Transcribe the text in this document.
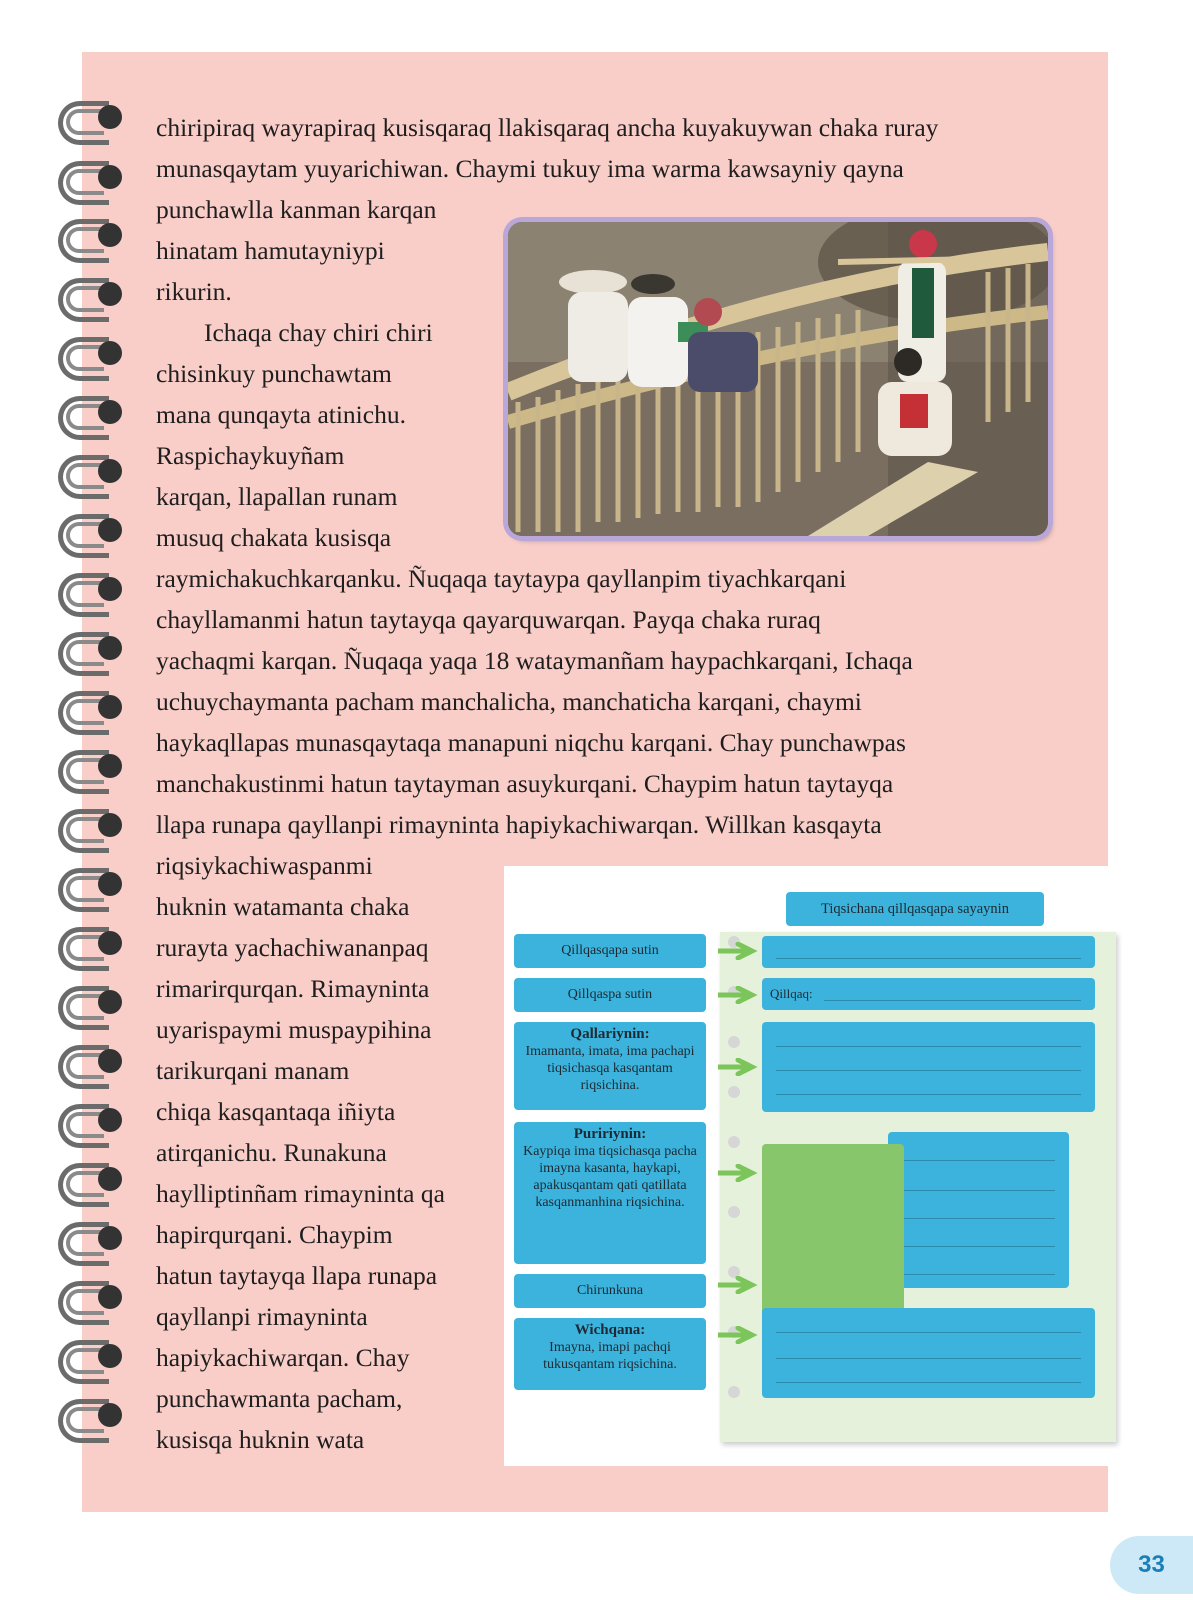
chiripiraq wayrapiraq kusisqaraq llakisqaraq ancha kuyakuywan chaka ruray
munasqaytam yuyarichiwan. Chaymi tukuy ima warma kawsayniy qayna
punchawlla kanman karqan
hinatam hamutayniypi
rikurin.
Ichaqa chay chiri chiri
chisinkuy punchawtam
mana qunqayta atinichu.
Raspichaykuyñam
karqan, llapallan runam
musuq chakata kusisqa
raymichakuchkarqanku. Ñuqaqa taytaypa qayllanpim tiyachkarqani
chayllamanmi hatun taytayqa qayarquwarqan. Payqa chaka ruraq
yachaqmi karqan. Ñuqaqa yaqa 18 wataymanñam haypachkarqani, Ichaqa
uchuychaymanta pacham manchalicha, manchaticha karqani, chaymi
haykaqllapas munasqaytaqa manapuni niqchu karqani. Chay punchawpas
manchakustinmi hatun taytayman asuykurqani. Chaypim hatun taytayqa
llapa runapa qayllanpi rimayninta hapiykachiwarqan. Willkan kasqayta
riqsiykachiwaspanmi
huknin watamanta chaka
rurayta yachachiwananpaq
rimarirqurqan. Rimayninta
uyarispaymi muspaypihina
tarikurqani manam
chiqa kasqantaqa iñiyta
atirqanichu. Runakuna
haylliptinñam rimayninta qa
hapirqurqani. Chaypim
hatun taytayqa llapa runapa
qayllanpi rimayninta
hapiykachiwarqan. Chay
punchawmanta pacham,
kusisqa huknin wata
Tiqsichana qillqasqapa sayaynin
Qillqasqapa sutin
Qillqaspa sutin
Qallariynin:
Imamanta, imata, ima pachapi tiqsichasqa kasqantam riqsichina.
Puririynin:
Kaypiqa ima tiqsichasqa pacha imayna kasanta, haykapi, apakusqantam qati qatillata kasqanmanhina riqsichina.
Chirunkuna
Wichqana:
Imayna, imapi pachqi tukusqantam riqsichina.
Qillqaq:
33
